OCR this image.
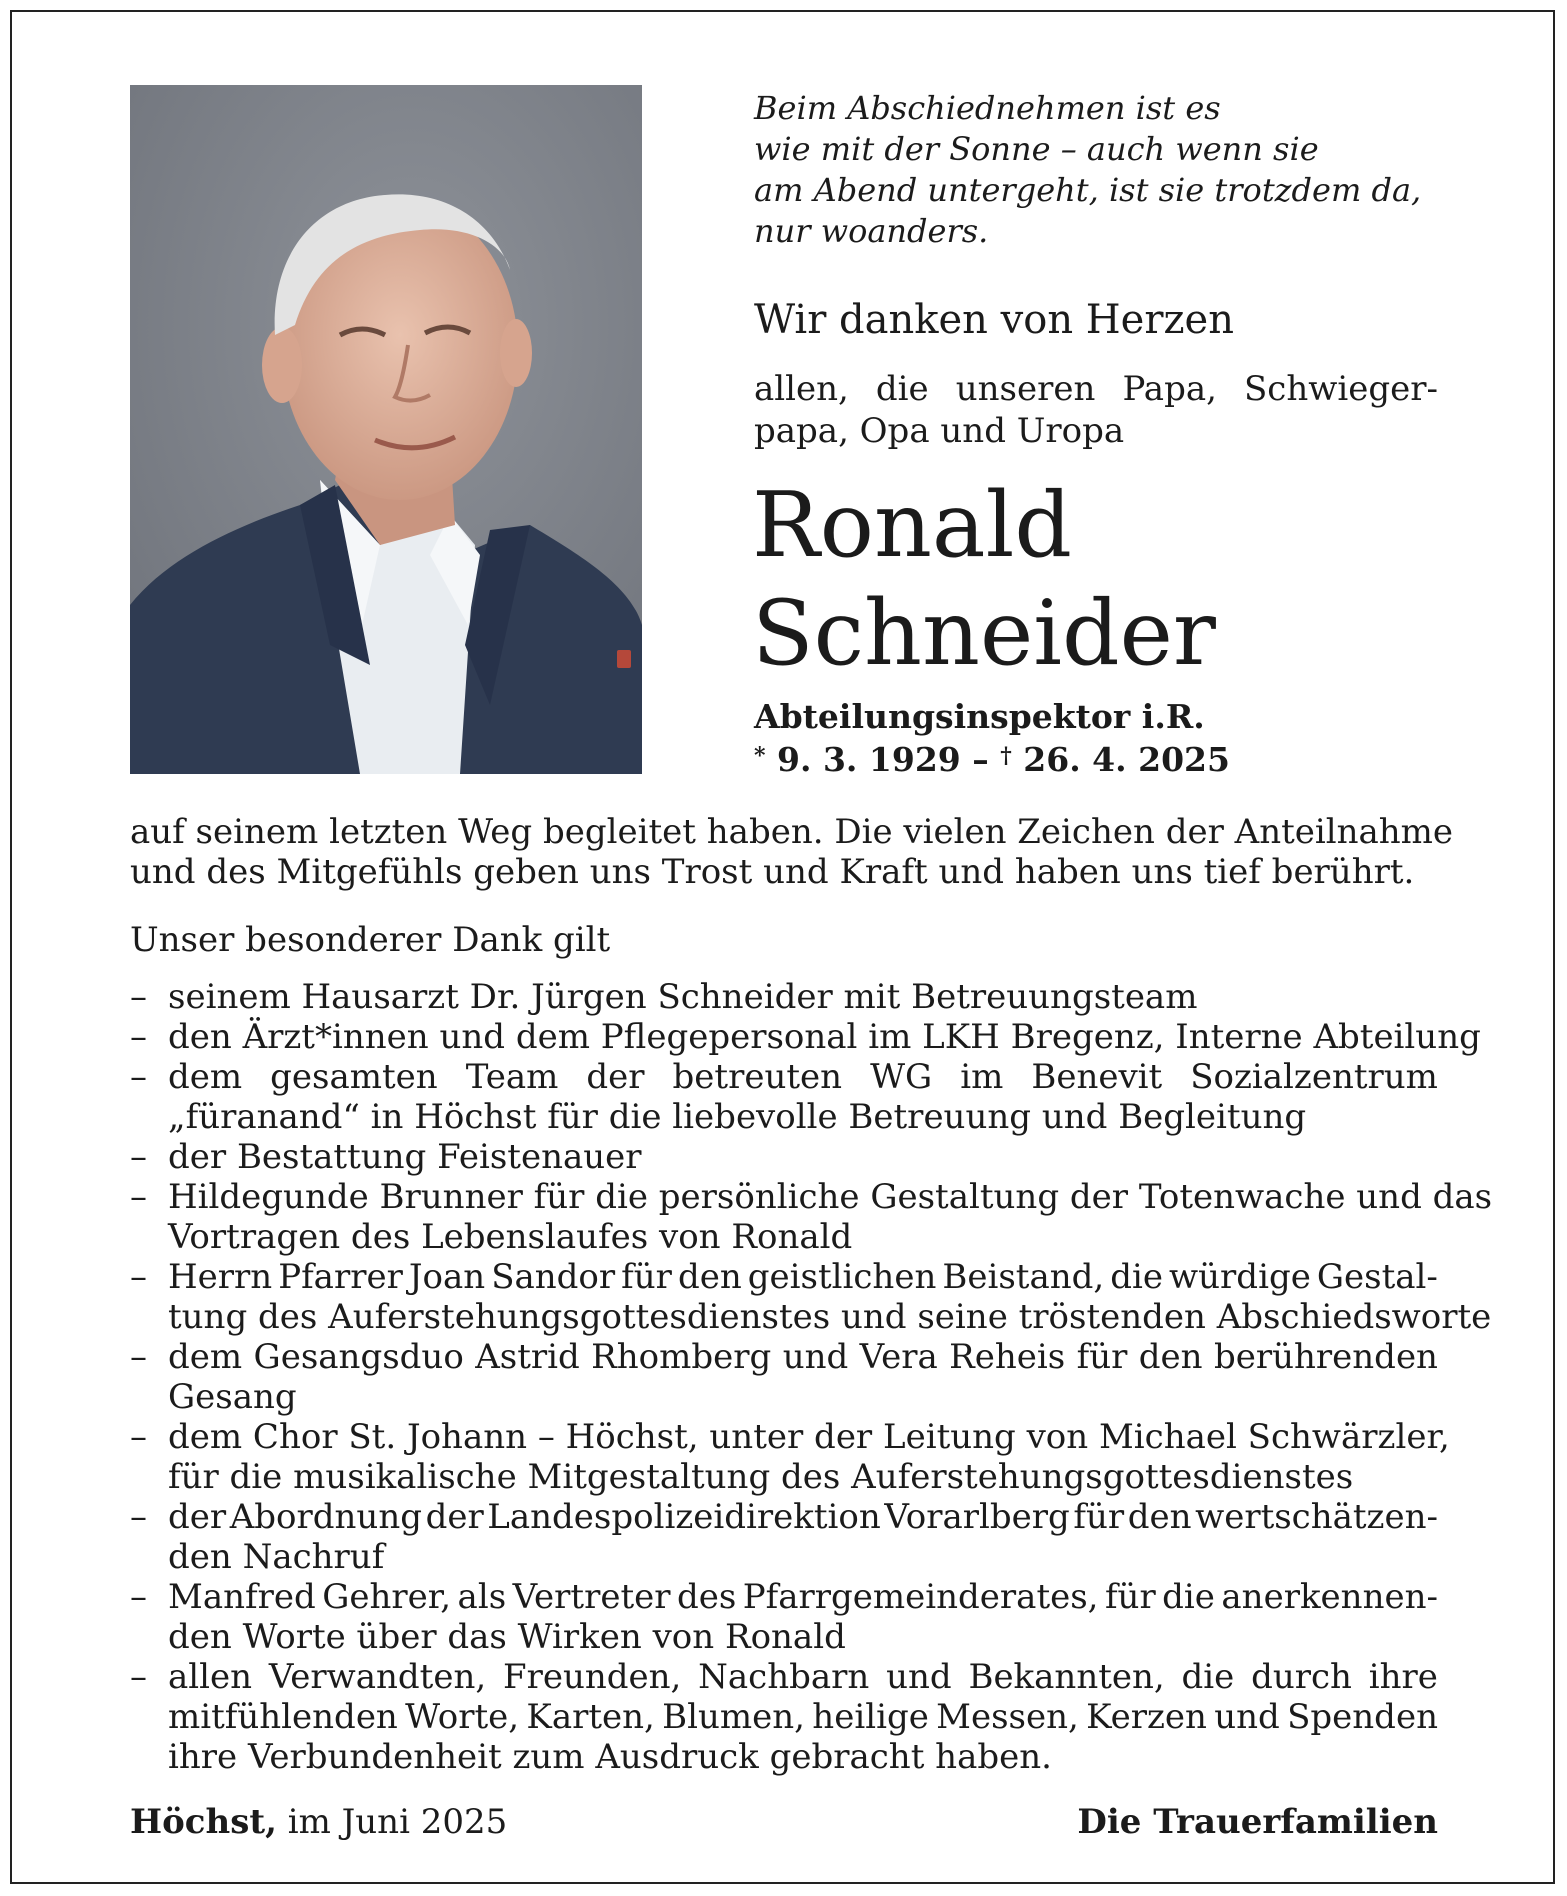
Beim Abschiednehmen ist es
wie mit der Sonne – auch wenn sie
am Abend untergeht, ist sie trotzdem da,
nur woanders.
Wir danken von Herzen
allen, die unseren Papa, Schwieger-
papa, Opa und Uropa
Ronald
Schneider
Abteilungsinspektor i.R.
* 9. 3. 1929 – † 26. 4. 2025
auf seinem letzten Weg begleitet haben. Die vielen Zeichen der Anteilnahme
und des Mitgefühls geben uns Trost und Kraft und haben uns tief berührt.
Unser besonderer Dank gilt
– seinem Hausarzt Dr. Jürgen Schneider mit Betreuungsteam
– den Ärzt*innen und dem Pflegepersonal im LKH Bregenz, Interne Abteilung
– dem gesamten Team der betreuten WG im Benevit Sozialzentrum
„füranand“ in Höchst für die liebevolle Betreuung und Begleitung
– der Bestattung Feistenauer
– Hildegunde Brunner für die persönliche Gestaltung der Totenwache und das
Vortragen des Lebenslaufes von Ronald
– Herrn Pfarrer Joan Sandor für den geistlichen Beistand, die würdige Gestal-
tung des Auferstehungsgottesdienstes und seine tröstenden Abschiedsworte
– dem Gesangsduo Astrid Rhomberg und Vera Reheis für den berührenden
Gesang
– dem Chor St. Johann – Höchst, unter der Leitung von Michael Schwärzler,
für die musikalische Mitgestaltung des Auferstehungsgottesdienstes
– der Abordnung der Landespolizeidirektion Vorarlberg für den wertschätzen-
den Nachruf
– Manfred Gehrer, als Vertreter des Pfarrgemeinderates, für die anerkennen-
den Worte über das Wirken von Ronald
– allen Verwandten, Freunden, Nachbarn und Bekannten, die durch ihre
mitfühlenden Worte, Karten, Blumen, heilige Messen, Kerzen und Spenden
ihre Verbundenheit zum Ausdruck gebracht haben.
Höchst, im Juni 2025	Die Trauerfamilien
